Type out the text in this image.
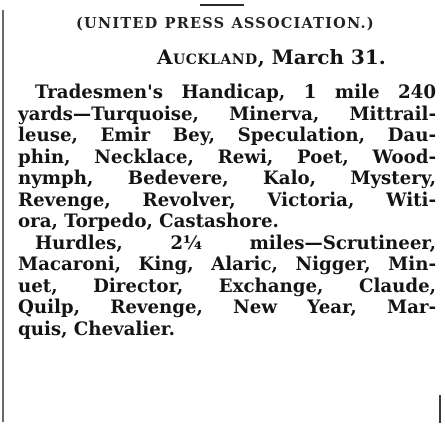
(UNITED PRESS ASSOCIATION.)
Auckland, March 31.
Tradesmen's Handicap, 1 mile 240
yards—Turquoise, Minerva, Mittrail-
leuse, Emir Bey, Speculation, Dau-
phin, Necklace, Rewi, Poet, Wood-
nymph, Bedevere, Kalo, Mystery,
Revenge, Revolver, Victoria, Witi-
ora, Torpedo, Castashore.
Hurdles, 2¼ miles—Scrutineer,
Macaroni, King, Alaric, Nigger, Min-
uet, Director, Exchange, Claude,
Quilp, Revenge, New Year, Mar-
quis, Chevalier.
